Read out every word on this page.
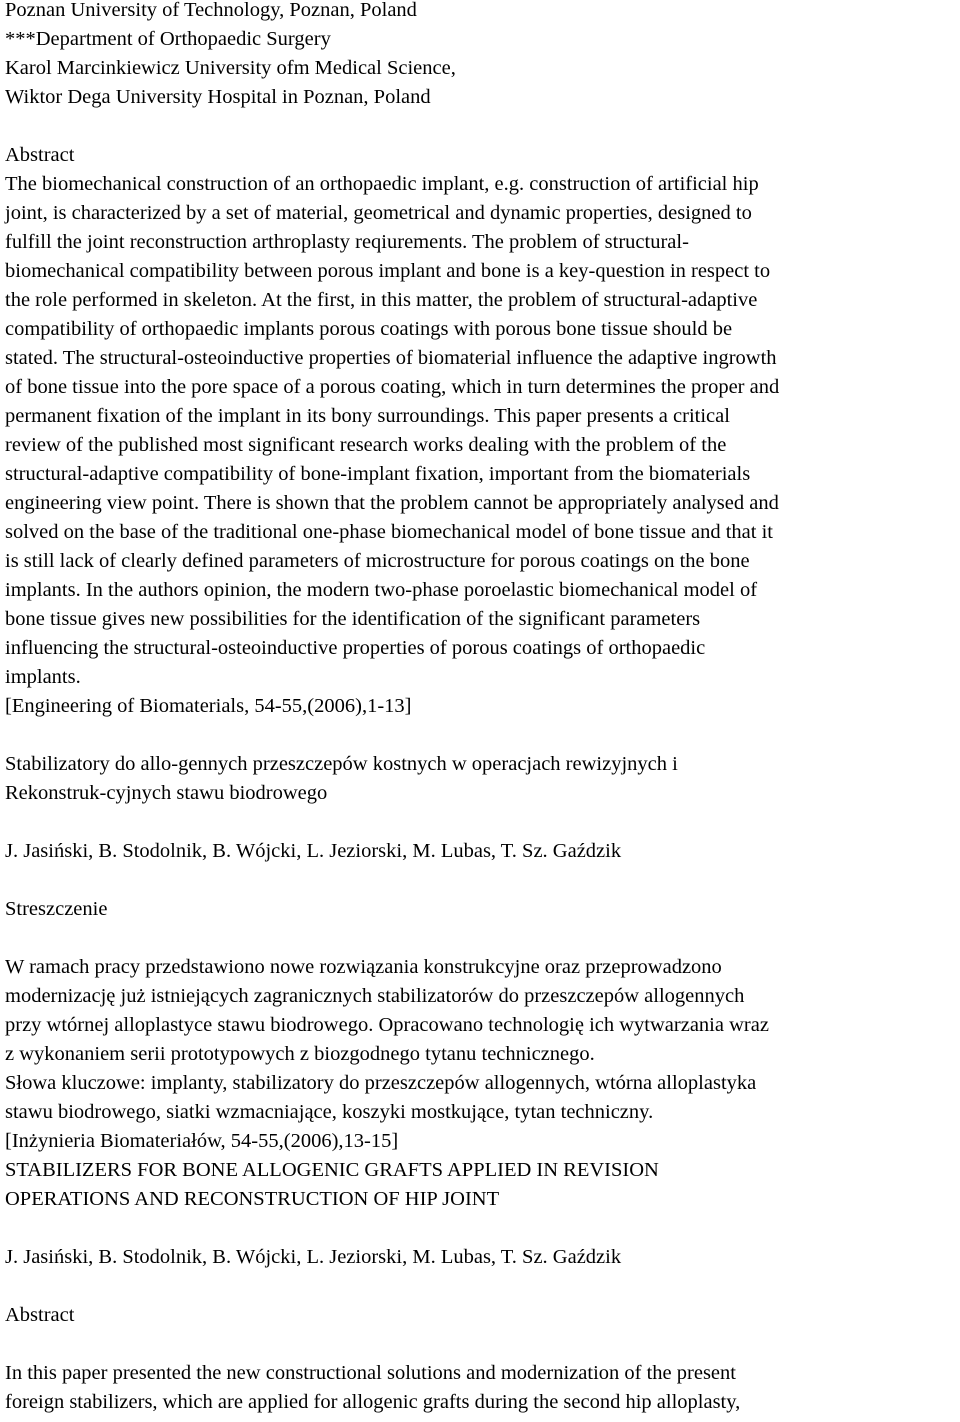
Poznan University of Technology, Poznan, Poland
***Department of Orthopaedic Surgery
Karol Marcinkiewicz University ofm Medical Science,
Wiktor Dega University Hospital in Poznan, Poland
Abstract
The biomechanical construction of an orthopaedic implant, e.g. construction of artificial hip
joint, is characterized by a set of material, geometrical and dynamic properties, designed to
fulfill the joint reconstruction arthroplasty reqiurements. The problem of structural-
biomechanical compatibility between porous implant and bone is a key-question in respect to
the role performed in skeleton. At the first, in this matter, the problem of structural-adaptive
compatibility of orthopaedic implants porous coatings with porous bone tissue should be
stated. The structural-osteoinductive properties of biomaterial influence the adaptive ingrowth
of bone tissue into the pore space of a porous coating, which in turn determines the proper and
permanent fixation of the implant in its bony surroundings. This paper presents a critical
review of the published most significant research works dealing with the problem of the
structural-adaptive compatibility of bone-implant fixation, important from the biomaterials
engineering view point. There is shown that the problem cannot be appropriately analysed and
solved on the base of the traditional one-phase biomechanical model of bone tissue and that it
is still lack of clearly defined parameters of microstructure for porous coatings on the bone
implants. In the authors opinion, the modern two-phase poroelastic biomechanical model of
bone tissue gives new possibilities for the identification of the significant parameters
influencing the structural-osteoinductive properties of porous coatings of orthopaedic
implants.
[Engineering of Biomaterials, 54-55,(2006),1-13]
Stabilizatory do allo-gennych przeszczepów kostnych w operacjach rewizyjnych i
Rekonstruk-cyjnych stawu biodrowego
J. Jasiński, B. Stodolnik, B. Wójcki, L. Jeziorski, M. Lubas, T. Sz. Gaździk
Streszczenie
W ramach pracy przedstawiono nowe rozwiązania konstrukcyjne oraz przeprowadzono
modernizację już istniejących zagranicznych stabilizatorów do przeszczepów allogennych
przy wtórnej alloplastyce stawu biodrowego. Opracowano technologię ich wytwarzania wraz
z wykonaniem serii prototypowych z biozgodnego tytanu technicznego.
Słowa kluczowe: implanty, stabilizatory do przeszczepów allogennych, wtórna alloplastyka
stawu biodrowego, siatki wzmacniające, koszyki mostkujące, tytan techniczny.
[Inżynieria Biomateriałów, 54-55,(2006),13-15]
STABILIZERS FOR BONE ALLOGENIC GRAFTS APPLIED IN REVISION
OPERATIONS AND RECONSTRUCTION OF HIP JOINT
J. Jasiński, B. Stodolnik, B. Wójcki, L. Jeziorski, M. Lubas, T. Sz. Gaździk
Abstract
In this paper presented the new constructional solutions and modernization of the present
foreign stabilizers, which are applied for allogenic grafts during the second hip alloplasty,
